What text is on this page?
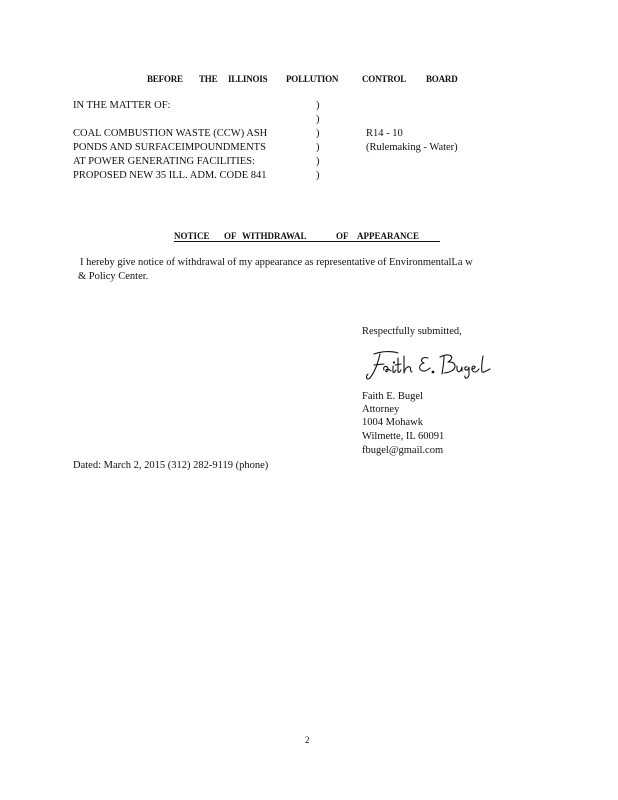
BEFORE THE ILLINOIS POLLUTION	CONTROL BOARD
IN THE MATTER OF:
COAL COMBUSTION WASTE (CCW) ASH
PONDS AND SURFACEIMPOUNDMENTS
AT POWER GENERATING FACILITIES:
PROPOSED NEW 35 ILL. ADM. CODE 841
)
)
)
)
)
)
R14 - 10
(Rulemaking - Water)
NOTICE OF WITHDRAWAL	OF APPEARANCE
I hereby give notice of withdrawal of my appearance as representative of EnvironmentalLa w
& Policy Center.
Respectfully submitted,
Faith E. Bugel
Attorney
1004 Mohawk
Wilmette, IL 60091
fbugel@gmail.com
Dated: March 2, 2015 (312) 282-9119 (phone)
2
